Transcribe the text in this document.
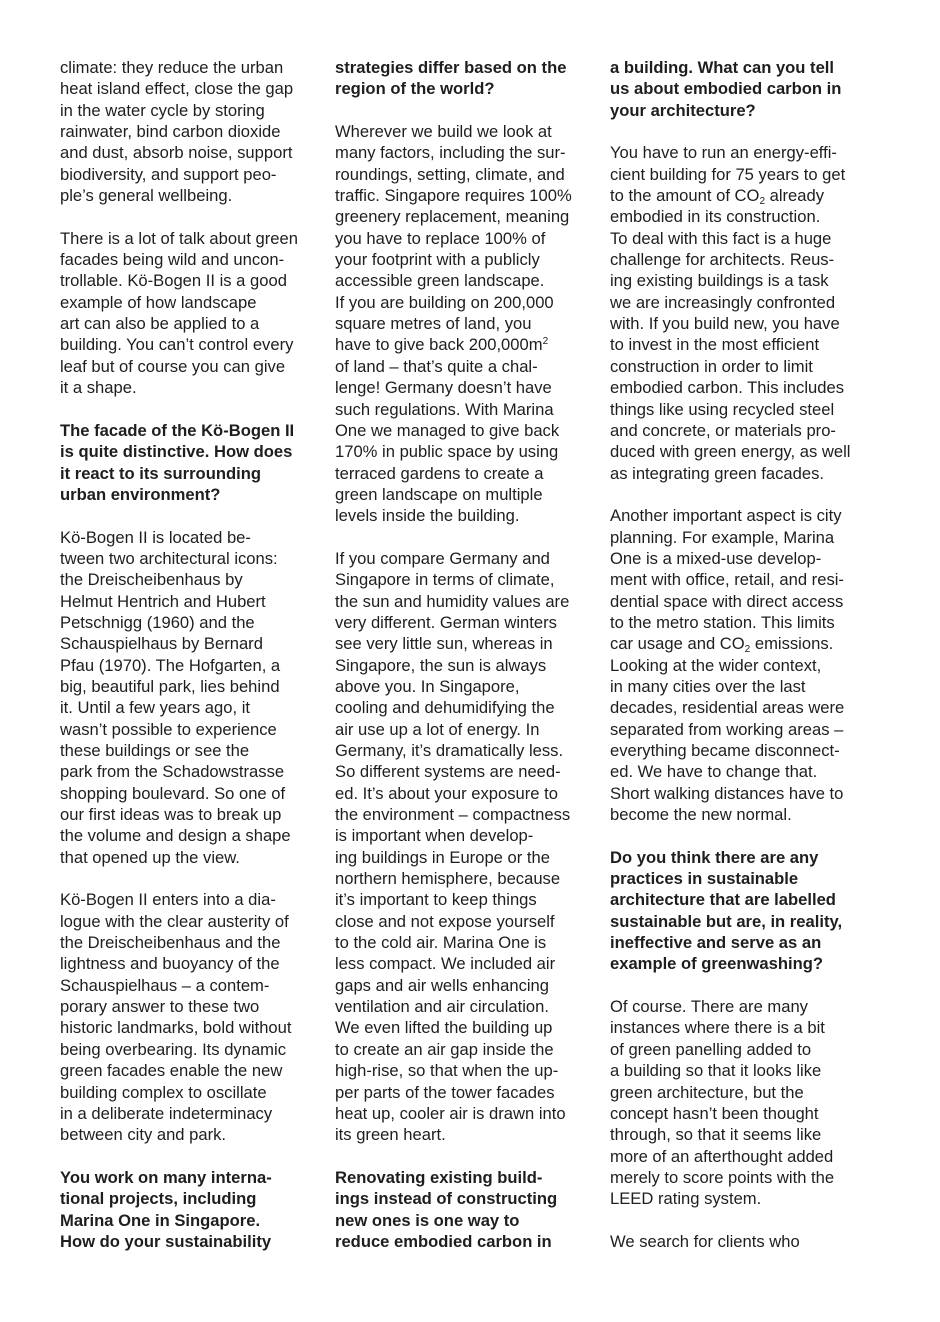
climate: they reduce the urban
heat island effect, close the gap
in the water cycle by storing
rainwater, bind carbon dioxide
and dust, absorb noise, support
biodiversity, and support peo-
ple’s general wellbeing.
There is a lot of talk about green
facades being wild and uncon-
trollable. Kö-Bogen II is a good
example of how landscape
art can also be applied to a
building. You can’t control every
leaf but of course you can give
it a shape.
The facade of the Kö-Bogen II
is quite distinctive. How does
it react to its surrounding
urban environment?
Kö-Bogen II is located be-
tween two architectural icons:
the Dreischeibenhaus by
Helmut Hentrich and Hubert
Petschnigg (1960) and the
Schauspielhaus by Bernard
Pfau (1970). The Hofgarten, a
big, beautiful park, lies behind
it. Until a few years ago, it
wasn’t possible to experience
these buildings or see the
park from the Schadowstrasse
shopping boulevard. So one of
our first ideas was to break up
the volume and design a shape
that opened up the view.
Kö-Bogen II enters into a dia-
logue with the clear austerity of
the Dreischeibenhaus and the
lightness and buoyancy of the
Schauspielhaus – a contem-
porary answer to these two
historic landmarks, bold without
being overbearing. Its dynamic
green facades enable the new
building complex to oscillate
in a deliberate indeterminacy
between city and park.
You work on many interna-
tional projects, including
Marina One in Singapore.
How do your sustainability
strategies differ based on the
region of the world?
Wherever we build we look at
many factors, including the sur-
roundings, setting, climate, and
traffic. Singapore requires 100%
greenery replacement, meaning
you have to replace 100% of
your footprint with a publicly
accessible green landscape.
If you are building on 200,000
square metres of land, you
have to give back $200,000m^2$
of land – that’s quite a chal-
lenge! Germany doesn’t have
such regulations. With Marina
One we managed to give back
170% in public space by using
terraced gardens to create a
green landscape on multiple
levels inside the building.
If you compare Germany and
Singapore in terms of climate,
the sun and humidity values are
very different. German winters
see very little sun, whereas in
Singapore, the sun is always
above you. In Singapore,
cooling and dehumidifying the
air use up a lot of energy. In
Germany, it’s dramatically less.
So different systems are need-
ed. It’s about your exposure to
the environment – compactness
is important when develop-
ing buildings in Europe or the
northern hemisphere, because
it’s important to keep things
close and not expose yourself
to the cold air. Marina One is
less compact. We included air
gaps and air wells enhancing
ventilation and air circulation.
We even lifted the building up
to create an air gap inside the
high-rise, so that when the up-
per parts of the tower facades
heat up, cooler air is drawn into
its green heart.
Renovating existing build-
ings instead of constructing
new ones is one way to
reduce embodied carbon in
a building. What can you tell
us about embodied carbon in
your architecture?
You have to run an energy-effi-
cient building for 75 years to get
to the amount of $CO_2$ already
embodied in its construction.
To deal with this fact is a huge
challenge for architects. Reus-
ing existing buildings is a task
we are increasingly confronted
with. If you build new, you have
to invest in the most efficient
construction in order to limit
embodied carbon. This includes
things like using recycled steel
and concrete, or materials pro-
duced with green energy, as well
as integrating green facades.
Another important aspect is city
planning. For example, Marina
One is a mixed-use develop-
ment with office, retail, and resi-
dential space with direct access
to the metro station. This limits
car usage and $CO_2$ emissions.
Looking at the wider context,
in many cities over the last
decades, residential areas were
separated from working areas –
everything became disconnect-
ed. We have to change that.
Short walking distances have to
become the new normal.
Do you think there are any
practices in sustainable
architecture that are labelled
sustainable but are, in reality,
ineffective and serve as an
example of greenwashing?
Of course. There are many
instances where there is a bit
of green panelling added to
a building so that it looks like
green architecture, but the
concept hasn’t been thought
through, so that it seems like
more of an afterthought added
merely to score points with the
LEED rating system.
We search for clients who
